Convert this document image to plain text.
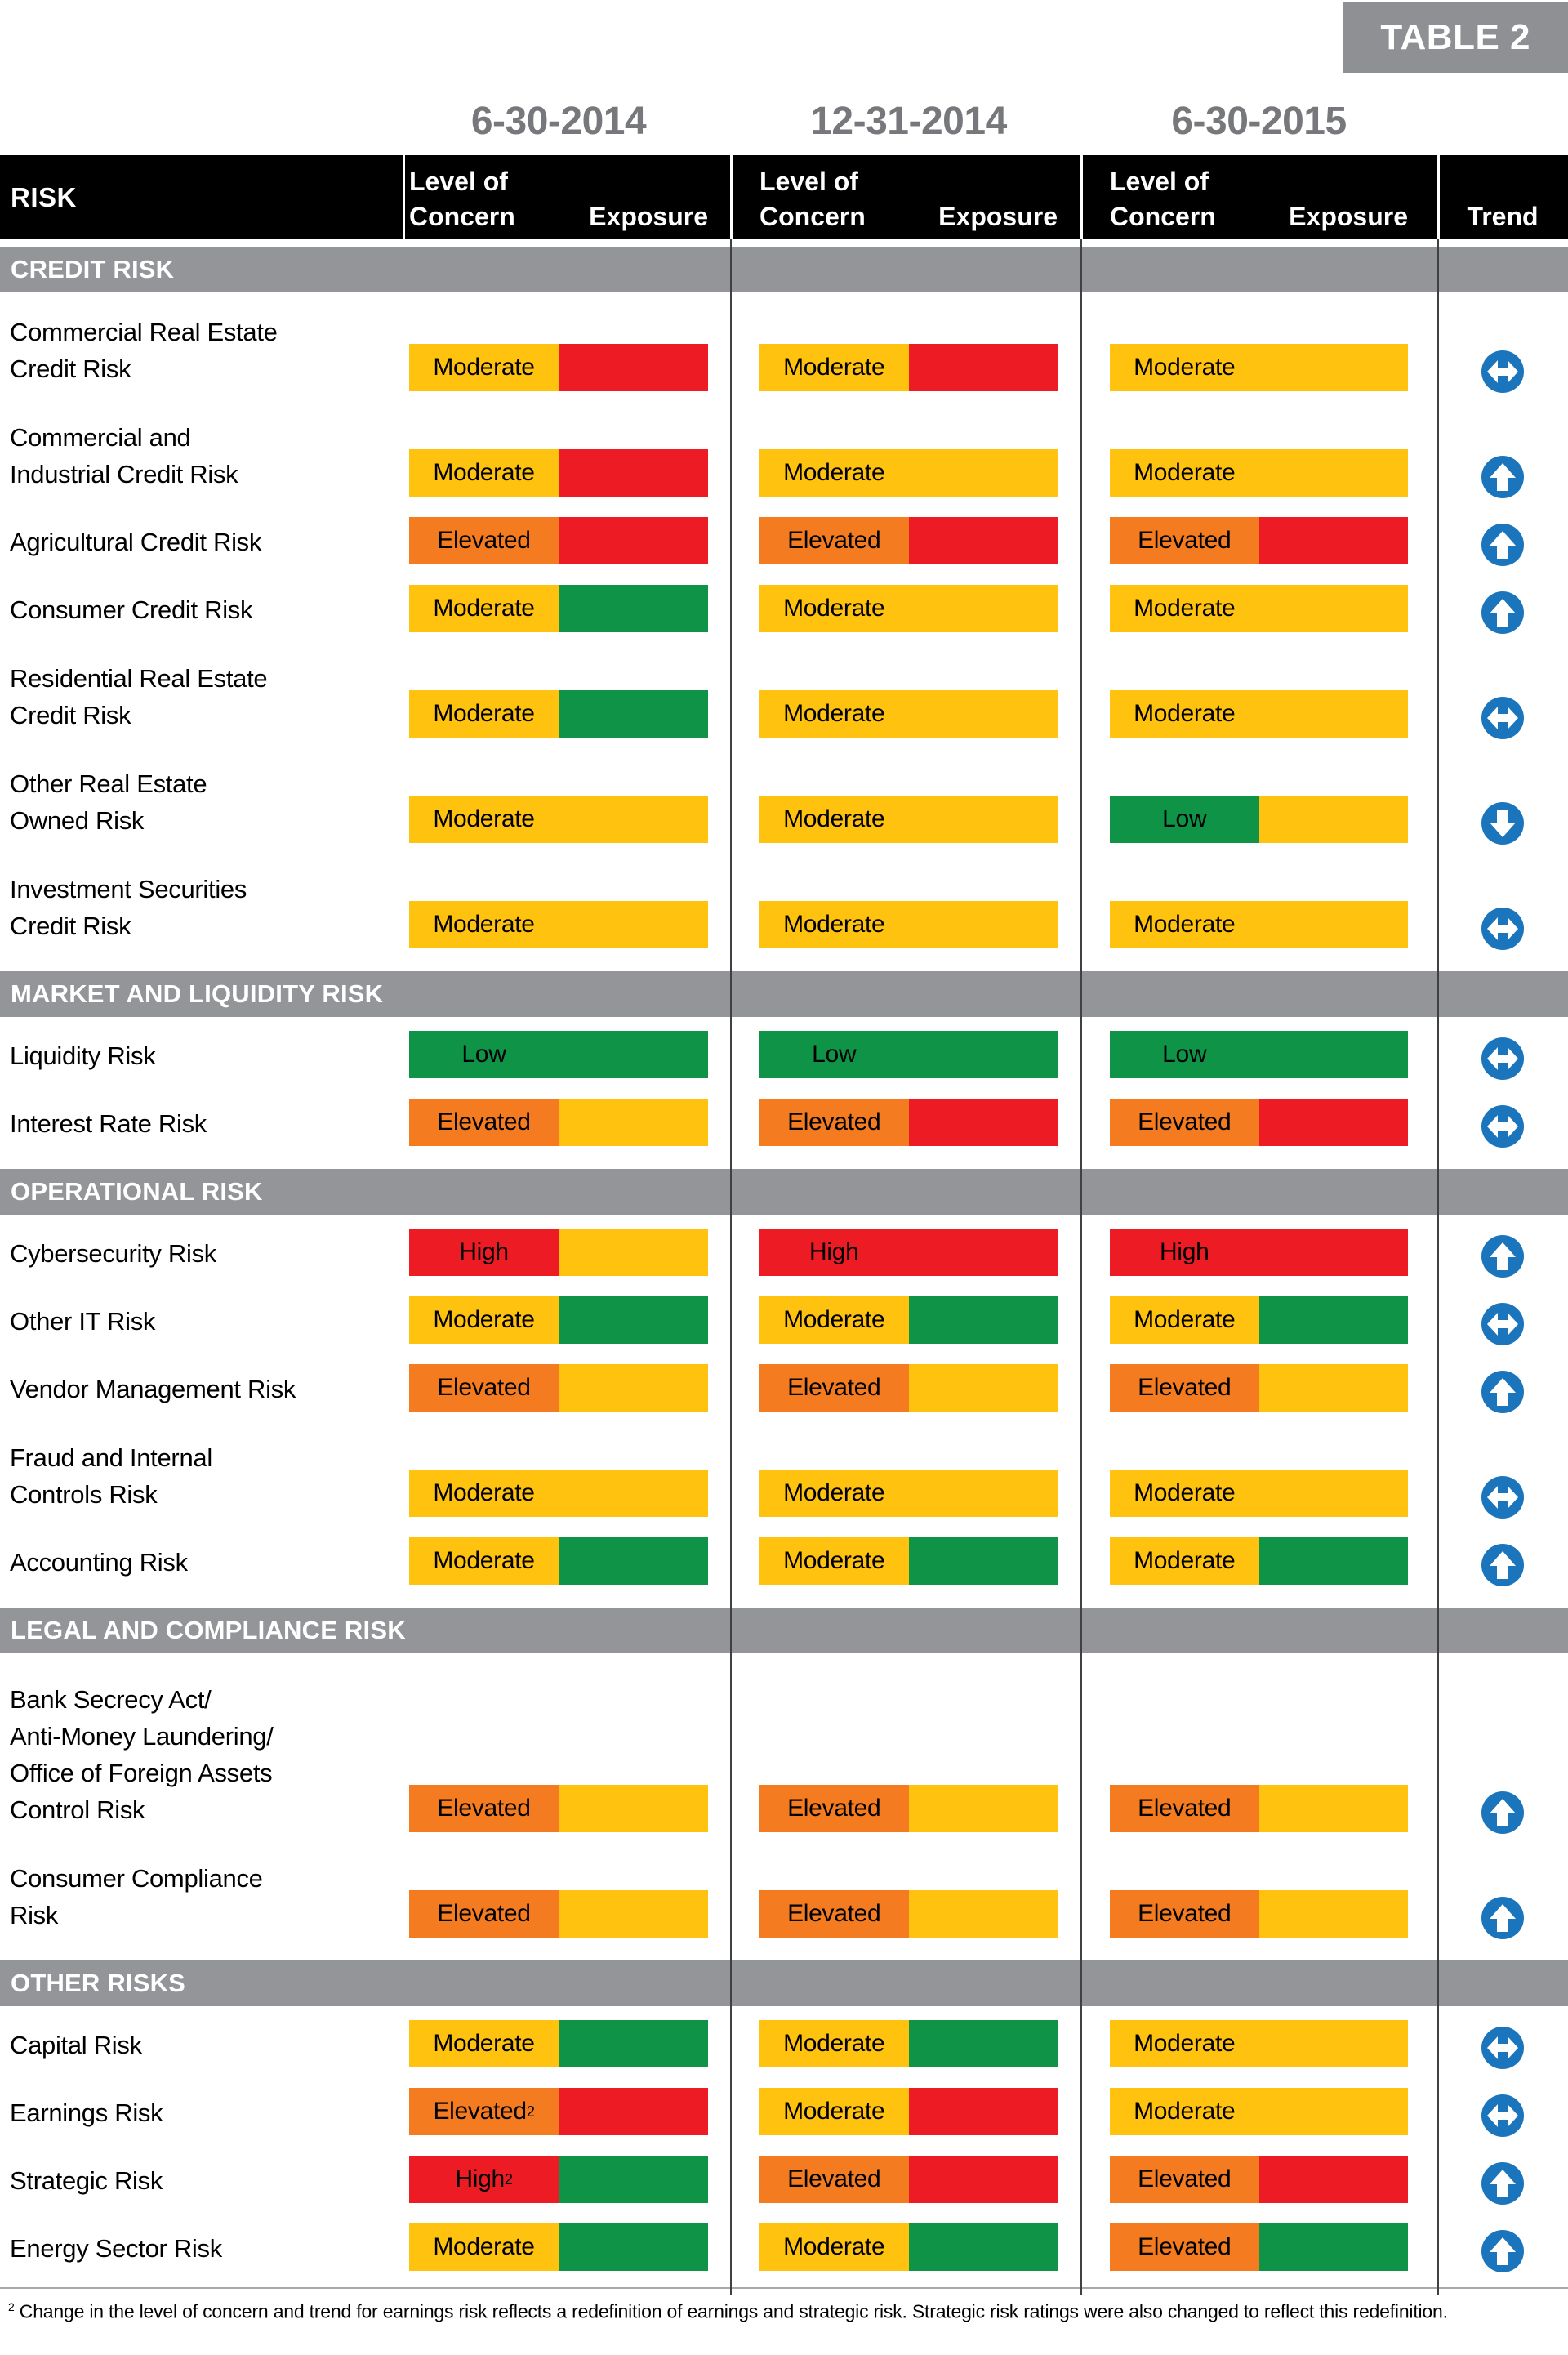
TABLE 2
6-30-2014	12-31-2014	6-30-2015
RISK
Level of
Concern	Exposure
Level of
Concern	Exposure
Level of
Concern	Exposure	Trend
CREDIT RISK
Commercial Real Estate
Credit Risk	Moderate	Moderate	Moderate
Commercial and
Industrial Credit Risk	Moderate	Moderate	Moderate
Agricultural Credit Risk	Elevated	Elevated	Elevated
Consumer Credit Risk	Moderate	Moderate	Moderate
Residential Real Estate
Credit Risk	Moderate	Moderate	Moderate
Other Real Estate
Owned Risk	Moderate	Moderate	Low
Investment Securities
Credit Risk	Moderate	Moderate	Moderate
MARKET AND LIQUIDITY RISK
Liquidity Risk	Low	Low	Low
Interest Rate Risk	Elevated	Elevated	Elevated
OPERATIONAL RISK
Cybersecurity Risk	High	High	High
Other IT Risk	Moderate	Moderate	Moderate
Vendor Management Risk	Elevated	Elevated	Elevated
Fraud and Internal
Controls Risk	Moderate	Moderate	Moderate
Accounting Risk	Moderate	Moderate	Moderate
LEGAL AND COMPLIANCE RISK
Bank Secrecy Act/
Anti-Money Laundering/
Office of Foreign Assets
Control Risk	Elevated	Elevated	Elevated
Consumer Compliance
Risk	Elevated	Elevated	Elevated
OTHER RISKS
Capital Risk	Moderate	Moderate	Moderate
Earnings Risk	Elevated 2	Moderate	Moderate
Strategic Risk	High 2	Elevated	Elevated
Energy Sector Risk	Moderate	Moderate	Elevated
$^2$ Change in the level of concern and trend for earnings risk reflects a redefinition of earnings and strategic risk. Strategic risk ratings were also changed to reflect this redefinition.
